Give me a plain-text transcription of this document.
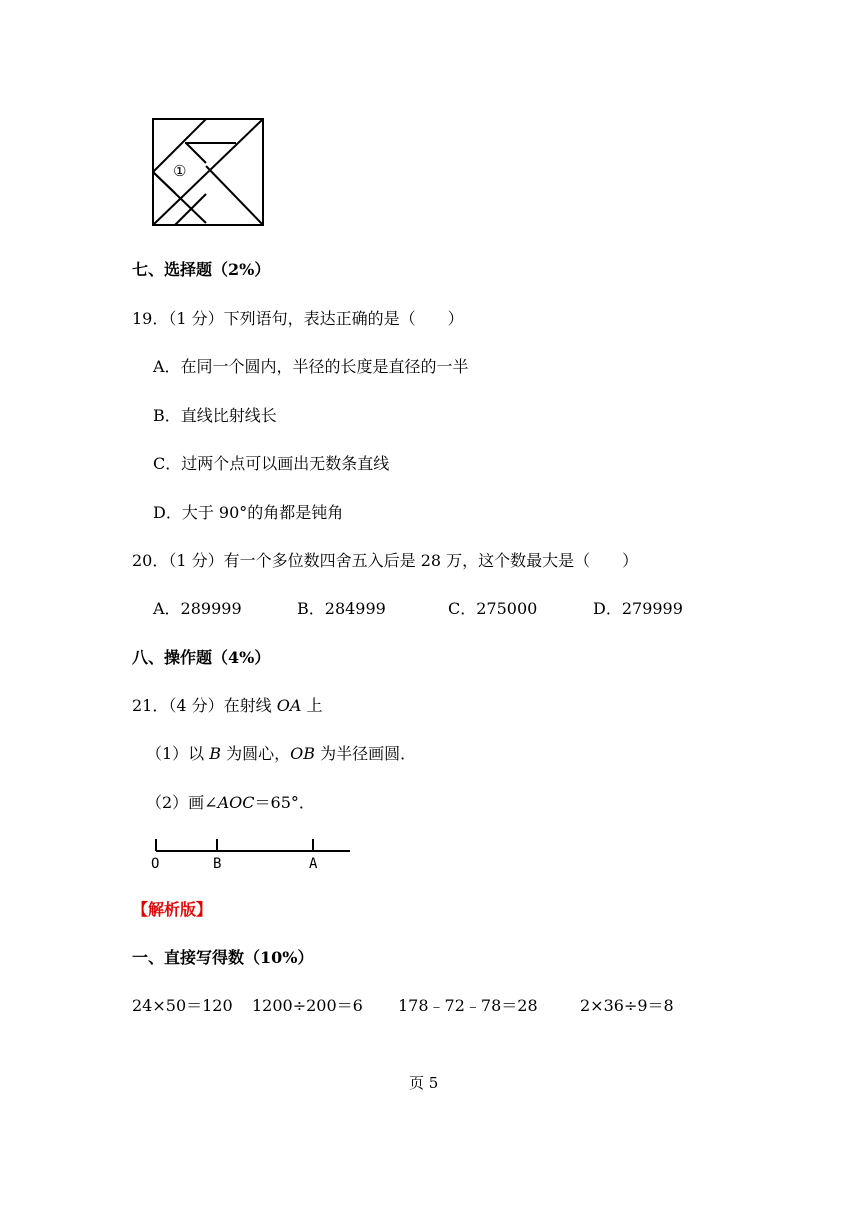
①
七、选择题（2%）
19．（1 分）下列语句，表达正确的是（　　）
A．在同一个圆内，半径的长度是直径的一半
B．直线比射线长
C．过两个点可以画出无数条直线
D．大于 90°的角都是钝角
20．（1 分）有一个多位数四舍五入后是 28 万，这个数最大是（　　）
A．289999	B．284999	C．275000	D．279999
八、操作题（4%）
21．（4 分）在射线 OA 上
（1）以 B 为圆心，OB 为半径画圆．
（2）画∠AOC＝65°．
O	B	A
【解析版】
一、直接写得数（10%）
24×50＝120 1200÷200＝6 178﹣72﹣78＝28	2×36÷9＝8
页 5
